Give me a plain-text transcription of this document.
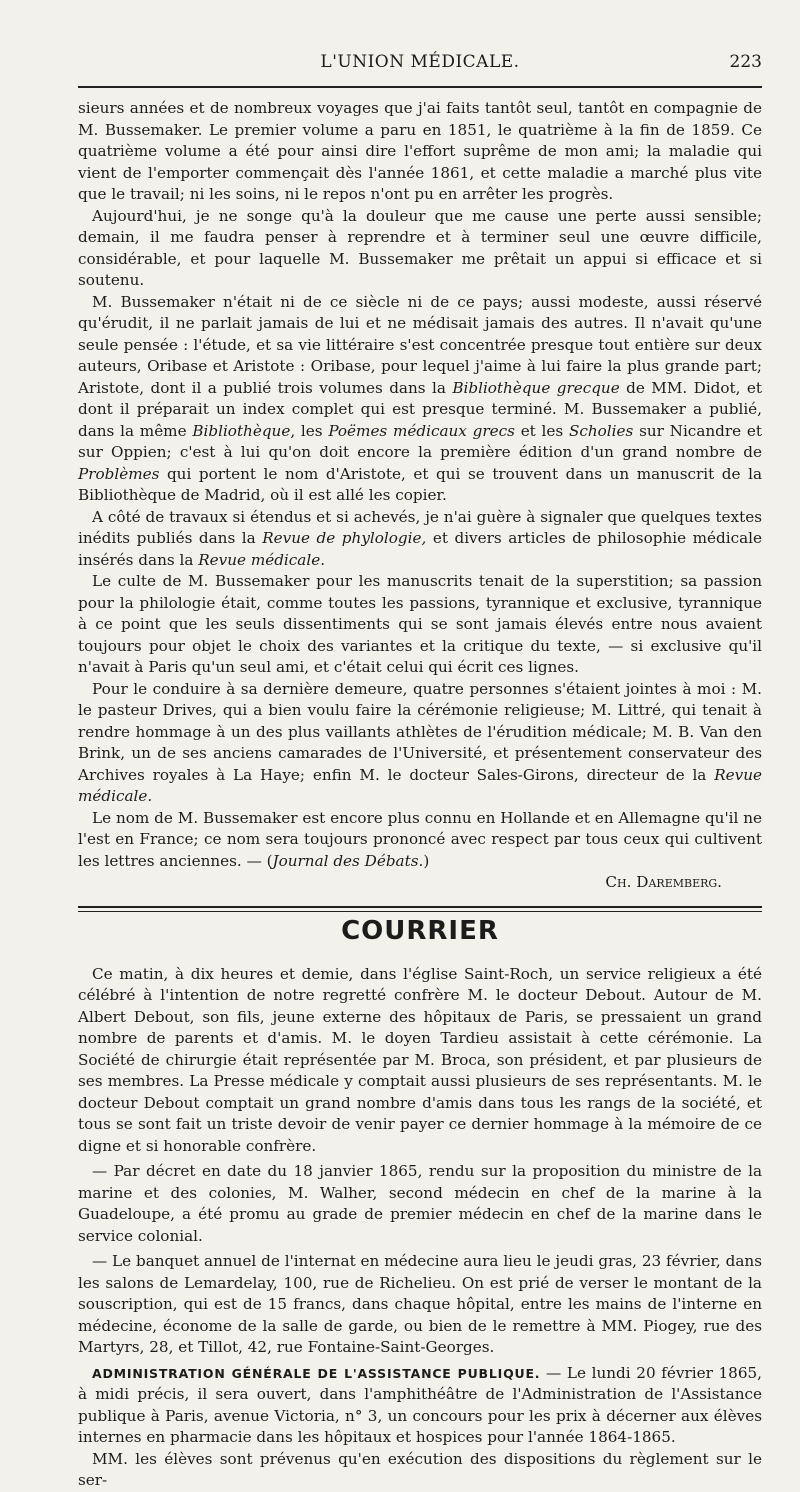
L'UNION MÉDICALE.	223

sieurs années et de nombreux voyages que j'ai faits tantôt seul, tantôt en compagnie de M. Bussemaker. Le premier volume a paru en 1851, le quatrième à la fin de 1859. Ce quatrième volume a été pour ainsi dire l'effort suprême de mon ami; la maladie qui vient de l'emporter commençait dès l'année 1861, et cette maladie a marché plus vite que le travail; ni les soins, ni le repos n'ont pu en arrêter les progrès.

Aujourd'hui, je ne songe qu'à la douleur que me cause une perte aussi sensible; demain, il me faudra penser à reprendre et à terminer seul une œuvre difficile, considérable, et pour laquelle M. Bussemaker me prêtait un appui si efficace et si soutenu.

M. Bussemaker n'était ni de ce siècle ni de ce pays; aussi modeste, aussi réservé qu'érudit, il ne parlait jamais de lui et ne médisait jamais des autres. Il n'avait qu'une seule pensée : l'étude, et sa vie littéraire s'est concentrée presque tout entière sur deux auteurs, Oribase et Aristote : Oribase, pour lequel j'aime à lui faire la plus grande part; Aristote, dont il a publié trois volumes dans la Bibliothèque grecque de MM. Didot, et dont il préparait un index complet qui est presque terminé. M. Bussemaker a publié, dans la même Bibliothèque, les Poëmes médicaux grecs et les Scholies sur Nicandre et sur Oppien; c'est à lui qu'on doit encore la première édition d'un grand nombre de Problèmes qui portent le nom d'Aristote, et qui se trouvent dans un manuscrit de la Bibliothèque de Madrid, où il est allé les copier.

A côté de travaux si étendus et si achevés, je n'ai guère à signaler que quelques textes inédits publiés dans la Revue de phylologie, et divers articles de philosophie médicale insérés dans la Revue médicale.

Le culte de M. Bussemaker pour les manuscrits tenait de la superstition; sa passion pour la philologie était, comme toutes les passions, tyrannique et exclusive, tyrannique à ce point que les seuls dissentiments qui se sont jamais élevés entre nous avaient toujours pour objet le choix des variantes et la critique du texte, — si exclusive qu'il n'avait à Paris qu'un seul ami, et c'était celui qui écrit ces lignes.

Pour le conduire à sa dernière demeure, quatre personnes s'étaient jointes à moi : M. le pasteur Drives, qui a bien voulu faire la cérémonie religieuse; M. Littré, qui tenait à rendre hommage à un des plus vaillants athlètes de l'érudition médicale; M. B. Van den Brink, un de ses anciens camarades de l'Université, et présentement conservateur des Archives royales à La Haye; enfin M. le docteur Sales-Girons, directeur de la Revue médicale.

Le nom de M. Bussemaker est encore plus connu en Hollande et en Allemagne qu'il ne l'est en France; ce nom sera toujours prononcé avec respect par tous ceux qui cultivent les lettres anciennes. — (Journal des Débats.)

Ch. Daremberg.
COURRIER

Ce matin, à dix heures et demie, dans l'église Saint-Roch, un service religieux a été célébré à l'intention de notre regretté confrère M. le docteur Debout. Autour de M. Albert Debout, son fils, jeune externe des hôpitaux de Paris, se pressaient un grand nombre de parents et d'amis. M. le doyen Tardieu assistait à cette cérémonie. La Société de chirurgie était représentée par M. Broca, son président, et par plusieurs de ses membres. La Presse médicale y comptait aussi plusieurs de ses représentants. M. le docteur Debout comptait un grand nombre d'amis dans tous les rangs de la société, et tous se sont fait un triste devoir de venir payer ce dernier hommage à la mémoire de ce digne et si honorable confrère.

— Par décret en date du 18 janvier 1865, rendu sur la proposition du ministre de la marine et des colonies, M. Walher, second médecin en chef de la marine à la Guadeloupe, a été promu au grade de premier médecin en chef de la marine dans le service colonial.

— Le banquet annuel de l'internat en médecine aura lieu le jeudi gras, 23 février, dans les salons de Lemardelay, 100, rue de Richelieu. On est prié de verser le montant de la souscription, qui est de 15 francs, dans chaque hôpital, entre les mains de l'interne en médecine, économe de la salle de garde, ou bien de le remettre à MM. Piogey, rue des Martyrs, 28, et Tillot, 42, rue Fontaine-Saint-Georges.

ADMINISTRATION GÉNÉRALE DE L'ASSISTANCE PUBLIQUE. — Le lundi 20 février 1865, à midi précis, il sera ouvert, dans l'amphithéâtre de l'Administration de l'Assistance publique à Paris, avenue Victoria, n° 3, un concours pour les prix à décerner aux élèves internes en pharmacie dans les hôpitaux et hospices pour l'année 1864-1865.

MM. les élèves sont prévenus qu'en exécution des dispositions du règlement sur le ser-
